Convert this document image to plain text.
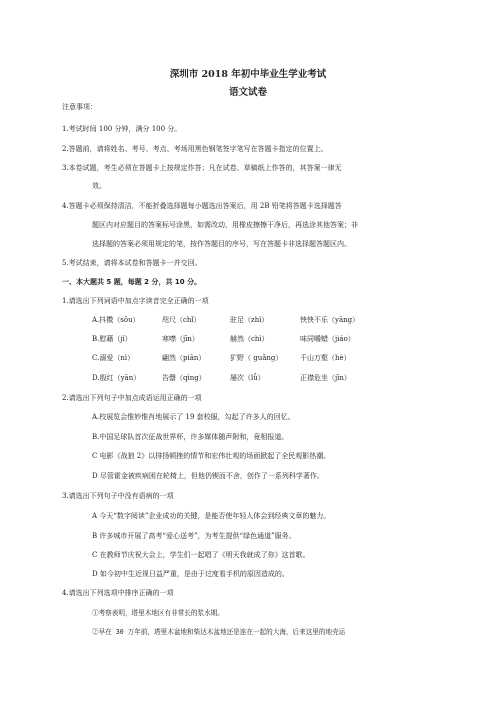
深圳市 2018 年初中毕业生学业考试
语文试卷
注意事项：
1.考试时间 100 分钟，满分 100 分。
2.答题前，请将姓名、考号、考点、考场用黑色钢笔签字笔写在答题卡指定的位置上。
3.本卷试题，考生必须在答题卡上按规定作答；凡在试卷、草稿纸上作答的，其答案一律无
效。
4.答题卡必须保持清洁，不能折叠选择题每小题选出答案后，用 2B 铅笔将答题卡选择题答
题区内对应题目的答案标号涂黑，如需改动，用橡皮擦擦干净后，再选涂其他答案；非
选择题的答案必须用规定的笔，按作答题目的序号，写在答题卡非选择题答题区内。
5.考试结束，请将本试卷和答题卡一并交回。
一、本大题共 5 题，每题 2 分，共 10 分。
1.请选出下列词语中加点字读音完全正确的一项
A.抖擞（sǒu）	咫尺（chǐ）	驻足（zhì）	怏怏不乐（yāng）
B.慰藉（jí）	寒噤（jīn）	赫然（chì）	味同嚼蜡（jiáo）
C.溺爱（nì）	翩然（piān）	犷野（ guǎng）	千山万壑（hè）
D.殷红（yān）	告罄（qìng）	屡次（lǚ）	正襟危坐（jīn）
2.请选出下列句子中加点成语运用正确的一项
A.校展览会惟妙惟肖地展示了 19 套校服，勾起了许多人的回忆。
B.中国足球队首次征战世界杯，许多媒体随声附和，竟相报道。
C 电影《战狼 2》以排扬顿挫的情节和宏伟壮观的场面掀起了全民观影热潮。
D 尽管霍金被疾病困在轮椅上，但他仍锲而不舍，创作了一系列科学著作。
3.请选出下列句子中没有语病的一项
A 今天“数字阅读”企业成功的关键，是能否使年轻人体会到经典文章的魅力。
B 许多城市开展了高考“爱心送考”，为考生提供“绿色通道”服务。
C 在教师节庆祝大会上，学生们一起唱了《明天我就成了你》这首歌。
D 如今初中生近视日益严重，是由于过度看手机的原因造成的。
4.请选出下列选项中排序正确的一项
①考察表明，塔里木地区有非常长的浆水期。
②早在 30 万年前，塔里木盆地和柴达木盆地还是连在一起的大海，后来这里的地壳运
